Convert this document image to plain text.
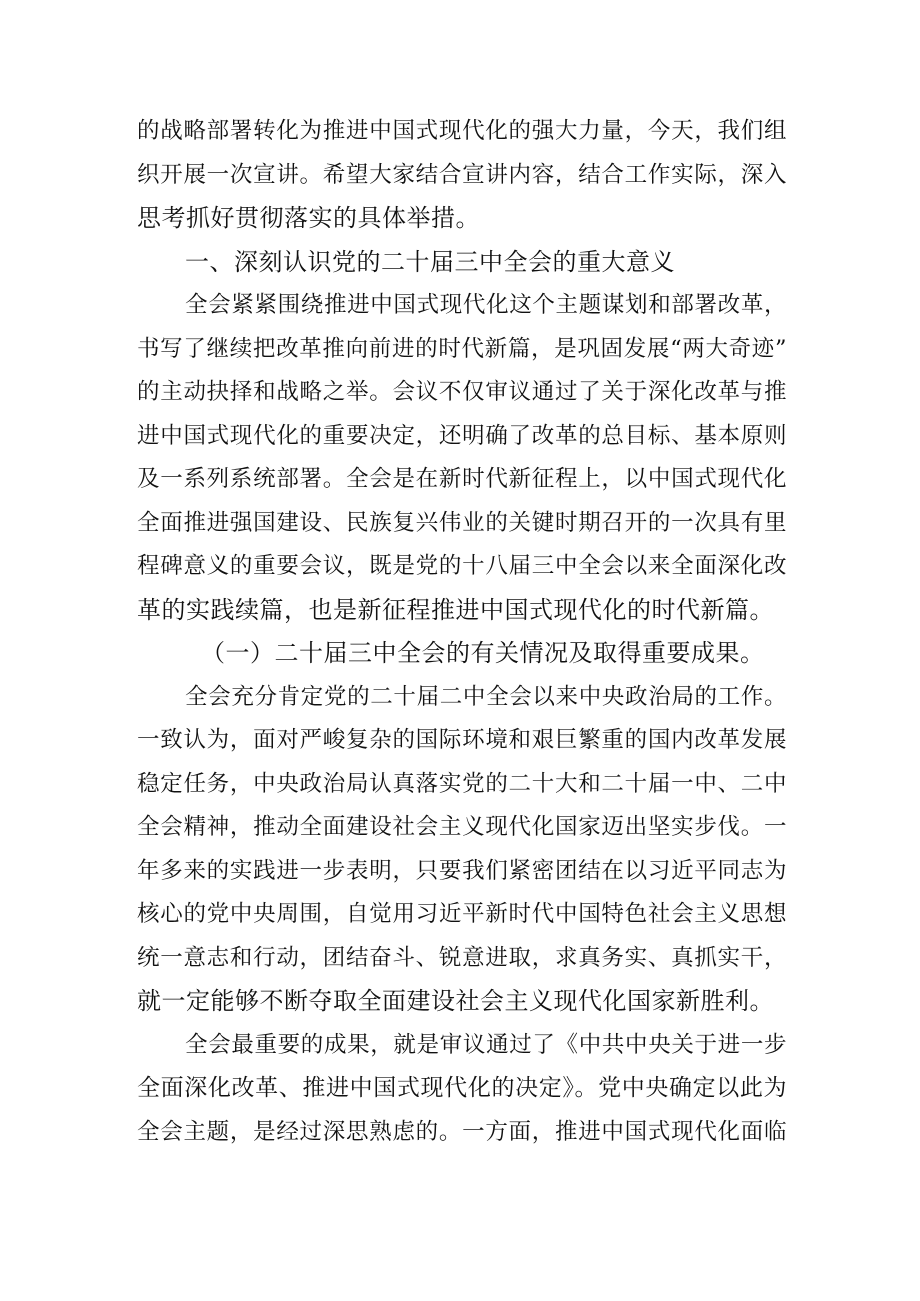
的战略部署转化为推进中国式现代化的强大力量，今天，我们组
织开展一次宣讲。希望大家结合宣讲内容，结合工作实际，深入
思考抓好贯彻落实的具体举措。
一、深刻认识党的二十届三中全会的重大意义
全会紧紧围绕推进中国式现代化这个主题谋划和部署改革，
书写了继续把改革推向前进的时代新篇，是巩固发展“两大奇迹”
的主动抉择和战略之举。会议不仅审议通过了关于深化改革与推
进中国式现代化的重要决定，还明确了改革的总目标、基本原则
及一系列系统部署。全会是在新时代新征程上，以中国式现代化
全面推进强国建设、民族复兴伟业的关键时期召开的一次具有里
程碑意义的重要会议，既是党的十八届三中全会以来全面深化改
革的实践续篇，也是新征程推进中国式现代化的时代新篇。
（一）二十届三中全会的有关情况及取得重要成果。
全会充分肯定党的二十届二中全会以来中央政治局的工作。
一致认为，面对严峻复杂的国际环境和艰巨繁重的国内改革发展
稳定任务，中央政治局认真落实党的二十大和二十届一中、二中
全会精神，推动全面建设社会主义现代化国家迈出坚实步伐。一
年多来的实践进一步表明，只要我们紧密团结在以习近平同志为
核心的党中央周围，自觉用习近平新时代中国特色社会主义思想
统一意志和行动，团结奋斗、锐意进取，求真务实、真抓实干，
就一定能够不断夺取全面建设社会主义现代化国家新胜利。
全会最重要的成果，就是审议通过了《中共中央关于进一步
全面深化改革、推进中国式现代化的决定》。党中央确定以此为
全会主题，是经过深思熟虑的。一方面，推进中国式现代化面临
